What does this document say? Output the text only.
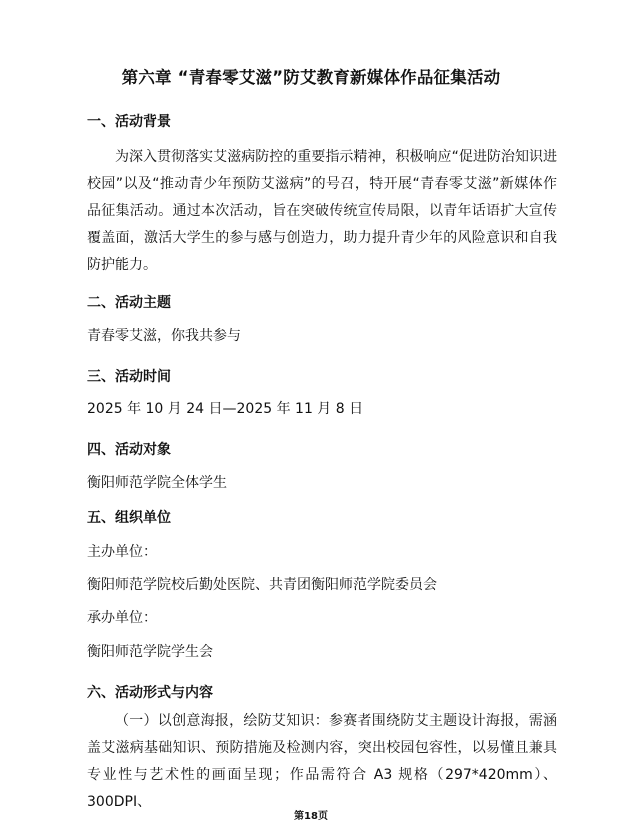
第六章 “青春零艾滋”防艾教育新媒体作品征集活动
一、活动背景
为深入贯彻落实艾滋病防控的重要指示精神，积极响应“促进防治知识进校园”以及“推动青少年预防艾滋病”的号召，特开展“青春零艾滋”新媒体作品征集活动。通过本次活动，旨在突破传统宣传局限，以青年话语扩大宣传覆盖面，激活大学生的参与感与创造力，助力提升青少年的风险意识和自我防护能力。
二、活动主题
青春零艾滋，你我共参与
三、活动时间
2025 年 10 月 24 日—2025 年 11 月 8 日
四、活动对象
衡阳师范学院全体学生
五、组织单位
主办单位：
衡阳师范学院校后勤处医院、共青团衡阳师范学院委员会
承办单位：
衡阳师范学院学生会
六、活动形式与内容
（一）以创意海报，绘防艾知识：参赛者围绕防艾主题设计海报，需涵盖艾滋病基础知识、预防措施及检测内容，突出校园包容性，以易懂且兼具专业性与艺术性的画面呈现；作品需符合 A3 规格（297*420mm）、300DPI、
第18页
